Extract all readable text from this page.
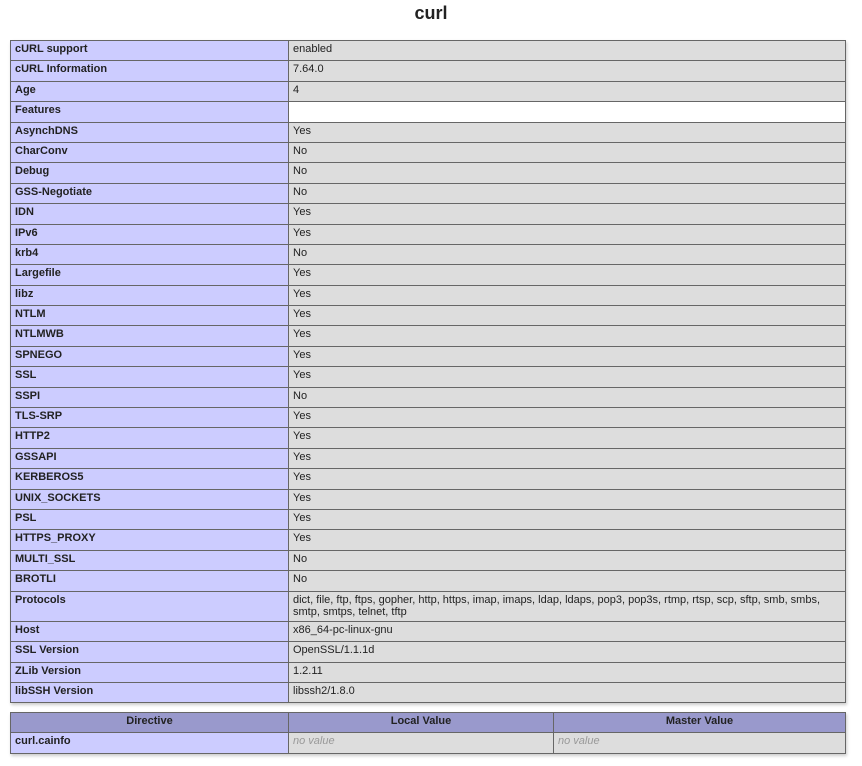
curl
cURL support	enabled
cURL Information	7.64.0
Age	4
Features	
AsynchDNS	Yes
CharConv	No
Debug	No
GSS-Negotiate	No
IDN	Yes
IPv6	Yes
krb4	No
Largefile	Yes
libz	Yes
NTLM	Yes
NTLMWB	Yes
SPNEGO	Yes
SSL	Yes
SSPI	No
TLS-SRP	Yes
HTTP2	Yes
GSSAPI	Yes
KERBEROS5	Yes
UNIX_SOCKETS	Yes
PSL	Yes
HTTPS_PROXY	Yes
MULTI_SSL	No
BROTLI	No
Protocols	dict, file, ftp, ftps, gopher, http, https, imap, imaps, ldap, ldaps, pop3, pop3s, rtmp, rtsp, scp, sftp, smb, smbs, smtp, smtps, telnet, tftp
Host	x86_64-pc-linux-gnu
SSL Version	OpenSSL/1.1.1d
ZLib Version	1.2.11
libSSH Version	libssh2/1.8.0
Directive	Local Value	Master Value
curl.cainfo	no value	no value
